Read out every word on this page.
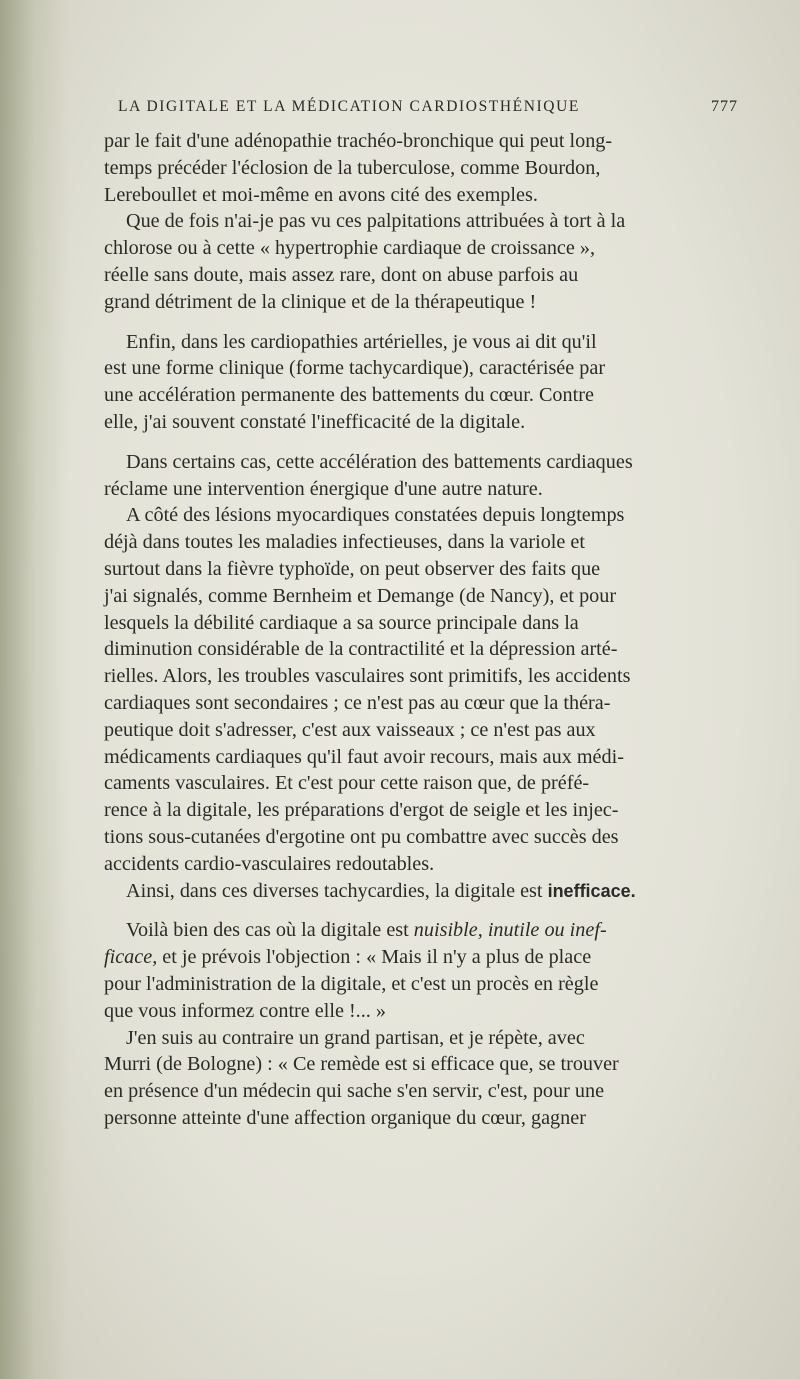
LA DIGITALE ET LA MÉDICATION CARDIOSTHÉNIQUE	777

par le fait d'une adénopathie trachéo-bronchique qui peut long-
temps précéder l'éclosion de la tuberculose, comme Bourdon,
Lereboullet et moi-même en avons cité des exemples.

Que de fois n'ai-je pas vu ces palpitations attribuées à tort à la
chlorose ou à cette « hypertrophie cardiaque de croissance »,
réelle sans doute, mais assez rare, dont on abuse parfois au
grand détriment de la clinique et de la thérapeutique !

Enfin, dans les cardiopathies artérielles, je vous ai dit qu'il
est une forme clinique (forme tachycardique), caractérisée par
une accélération permanente des battements du cœur. Contre
elle, j'ai souvent constaté l'inefficacité de la digitale.

Dans certains cas, cette accélération des battements cardiaques
réclame une intervention énergique d'une autre nature.

A côté des lésions myocardiques constatées depuis longtemps
déjà dans toutes les maladies infectieuses, dans la variole et
surtout dans la fièvre typhoïde, on peut observer des faits que
j'ai signalés, comme Bernheim et Demange (de Nancy), et pour
lesquels la débilité cardiaque a sa source principale dans la
diminution considérable de la contractilité et la dépression arté-
rielles. Alors, les troubles vasculaires sont primitifs, les accidents
cardiaques sont secondaires ; ce n'est pas au cœur que la théra-
peutique doit s'adresser, c'est aux vaisseaux ; ce n'est pas aux
médicaments cardiaques qu'il faut avoir recours, mais aux médi-
caments vasculaires. Et c'est pour cette raison que, de préfé-
rence à la digitale, les préparations d'ergot de seigle et les injec-
tions sous-cutanées d'ergotine ont pu combattre avec succès des
accidents cardio-vasculaires redoutables.

Ainsi, dans ces diverses tachycardies, la digitale est inefficace.

Voilà bien des cas où la digitale est nuisible, inutile ou inef-
ficace, et je prévois l'objection : « Mais il n'y a plus de place
pour l'administration de la digitale, et c'est un procès en règle
que vous informez contre elle !... »

J'en suis au contraire un grand partisan, et je répète, avec
Murri (de Bologne) : « Ce remède est si efficace que, se trouver
en présence d'un médecin qui sache s'en servir, c'est, pour une
personne atteinte d'une affection organique du cœur, gagner
